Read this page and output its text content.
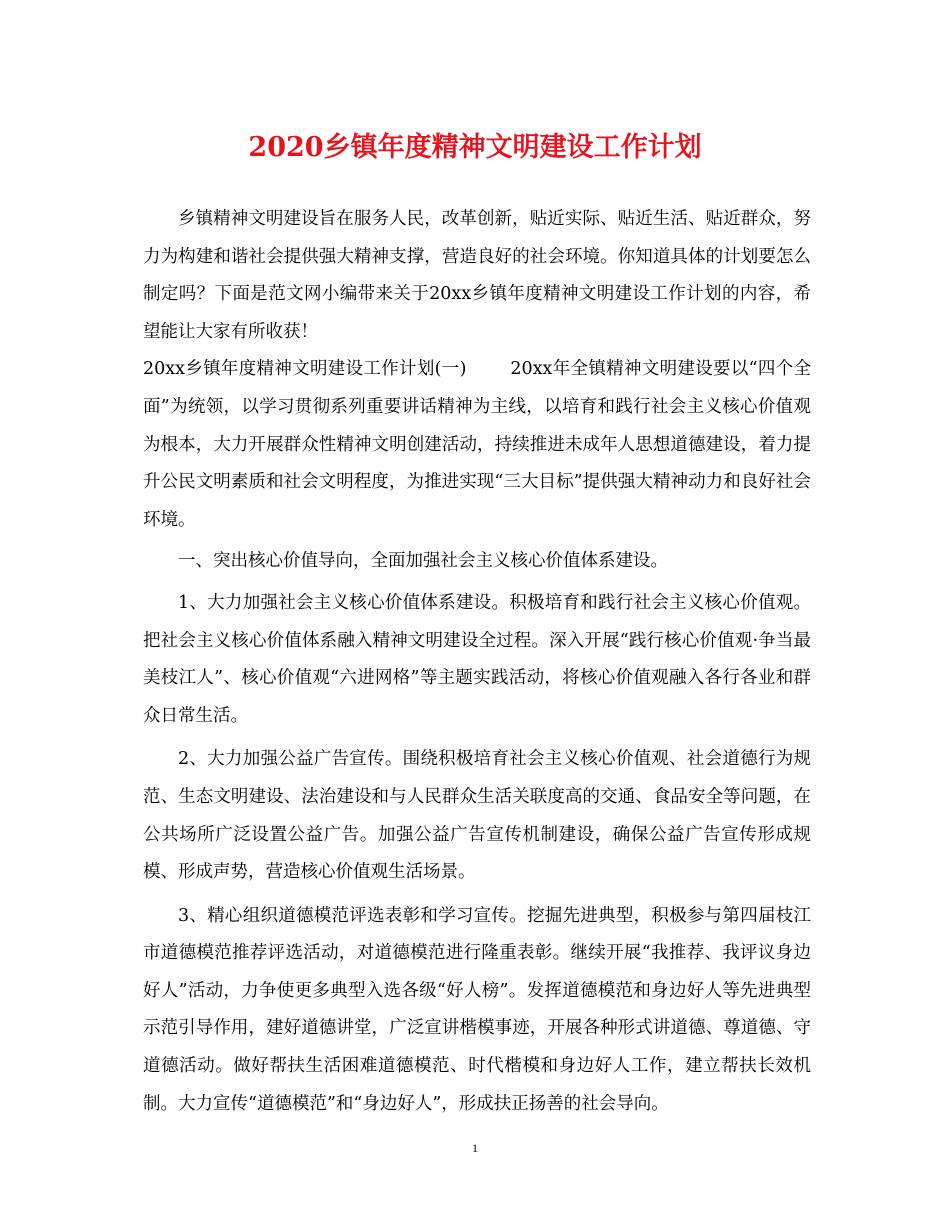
2020乡镇年度精神文明建设工作计划

乡镇精神文明建设旨在服务人民，改革创新，贴近实际、贴近生活、贴近群众，努力为构建和谐社会提供强大精神支撑，营造良好的社会环境。你知道具体的计划要怎么制定吗？下面是范文网小编带来关于20xx乡镇年度精神文明建设工作计划的内容，希望能让大家有所收获！

20xx乡镇年度精神文明建设工作计划(一)	20xx年全镇精神文明建设要以“四个全面”为统领，以学习贯彻系列重要讲话精神为主线，以培育和践行社会主义核心价值观为根本，大力开展群众性精神文明创建活动，持续推进未成年人思想道德建设，着力提升公民文明素质和社会文明程度，为推进实现“三大目标”提供强大精神动力和良好社会环境。

一、突出核心价值导向，全面加强社会主义核心价值体系建设。

1、大力加强社会主义核心价值体系建设。积极培育和践行社会主义核心价值观。把社会主义核心价值体系融入精神文明建设全过程。深入开展“践行核心价值观·争当最美枝江人”、核心价值观“六进网格”等主题实践活动，将核心价值观融入各行各业和群众日常生活。

2、大力加强公益广告宣传。围绕积极培育社会主义核心价值观、社会道德行为规范、生态文明建设、法治建设和与人民群众生活关联度高的交通、食品安全等问题，在公共场所广泛设置公益广告。加强公益广告宣传机制建设，确保公益广告宣传形成规模、形成声势，营造核心价值观生活场景。

3、精心组织道德模范评选表彰和学习宣传。挖掘先进典型，积极参与第四届枝江市道德模范推荐评选活动，对道德模范进行隆重表彰。继续开展“我推荐、我评议身边好人”活动，力争使更多典型入选各级“好人榜”。发挥道德模范和身边好人等先进典型示范引导作用，建好道德讲堂，广泛宣讲楷模事迹，开展各种形式讲道德、尊道德、守道德活动。做好帮扶生活困难道德模范、时代楷模和身边好人工作，建立帮扶长效机制。大力宣传“道德模范”和“身边好人”，形成扶正扬善的社会导向。

1
